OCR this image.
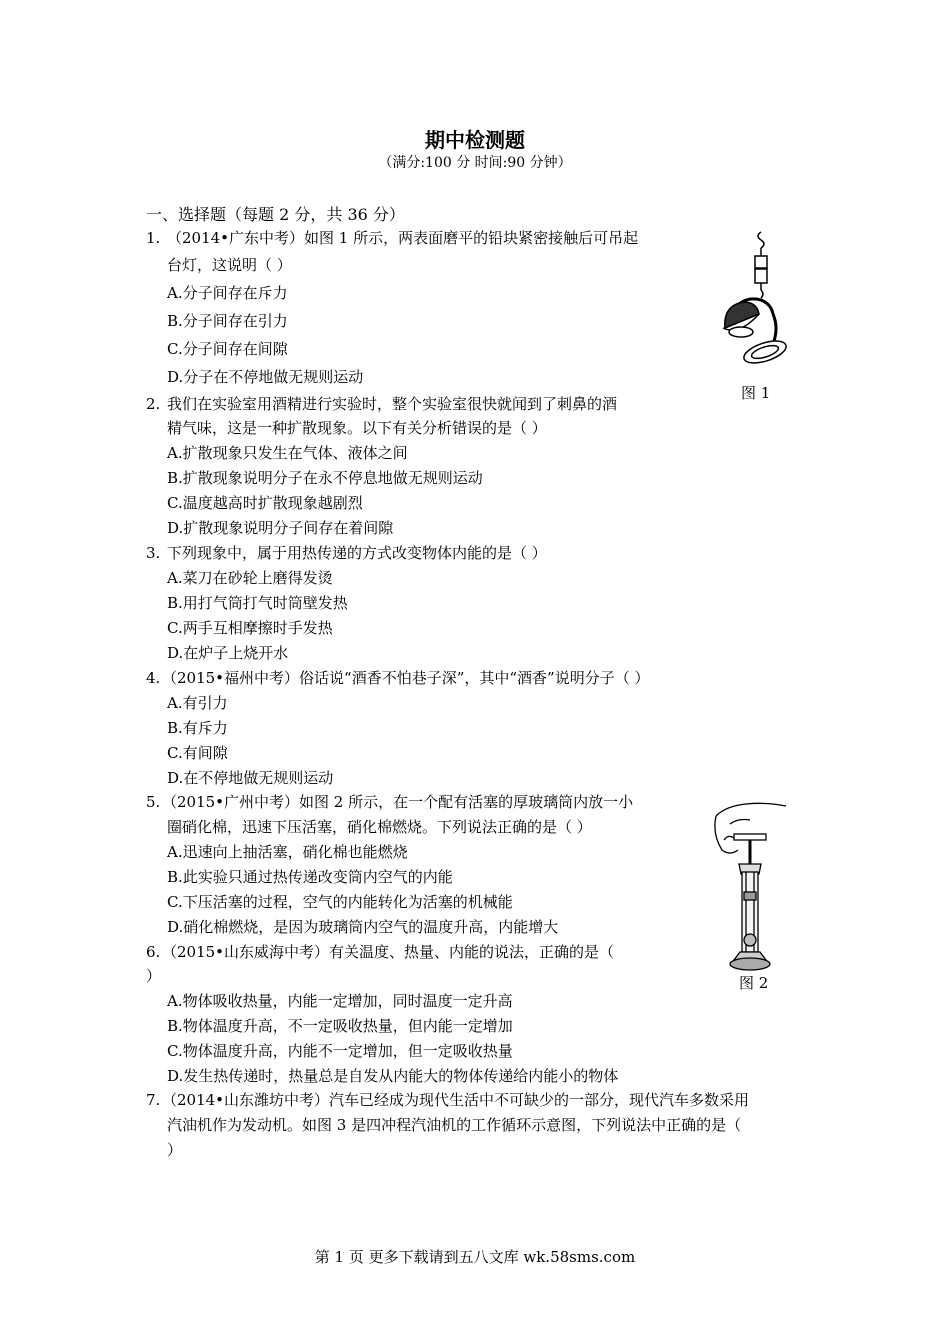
期中检测题
（满分:100 分 时间:90 分钟）
一、选择题（每题 2 分，共 36 分）
1. （2014•广东中考）如图 1 所示，两表面磨平的铅块紧密接触后可吊起
台灯，这说明（ ）
A.分子间存在斥力
B.分子间存在引力
C.分子间存在间隙
D.分子在不停地做无规则运动
2. 我们在实验室用酒精进行实验时，整个实验室很快就闻到了刺鼻的酒
精气味，这是一种扩散现象。以下有关分析错误的是（ ）
A.扩散现象只发生在气体、液体之间
B.扩散现象说明分子在永不停息地做无规则运动
C.温度越高时扩散现象越剧烈
D.扩散现象说明分子间存在着间隙
3. 下列现象中，属于用热传递的方式改变物体内能的是（ ）
A.菜刀在砂轮上磨得发烫
B.用打气筒打气时筒壁发热
C.两手互相摩擦时手发热
D.在炉子上烧开水
4. （2015•福州中考）俗话说“酒香不怕巷子深”，其中“酒香”说明分子（ ）
A.有引力
B.有斥力
C.有间隙
D.在不停地做无规则运动
5. （2015•广州中考）如图 2 所示，在一个配有活塞的厚玻璃筒内放一小
圈硝化棉，迅速下压活塞，硝化棉燃烧。下列说法正确的是（ ）
A.迅速向上抽活塞，硝化棉也能燃烧
B.此实验只通过热传递改变筒内空气的内能
C.下压活塞的过程，空气的内能转化为活塞的机械能
D.硝化棉燃烧，是因为玻璃筒内空气的温度升高，内能增大
6. （2015•山东威海中考）有关温度、热量、内能的说法，正确的是（
）
A.物体吸收热量，内能一定增加，同时温度一定升高
B.物体温度升高，不一定吸收热量，但内能一定增加
C.物体温度升高，内能不一定增加，但一定吸收热量
D.发生热传递时，热量总是自发从内能大的物体传递给内能小的物体
7. （2014•山东潍坊中考）汽车已经成为现代生活中不可缺少的一部分，现代汽车多数采用
汽油机作为发动机。如图 3 是四冲程汽油机的工作循环示意图，下列说法中正确的是（
）
图 1
图 2
第 1 页 更多下载请到五八文库 wk.58sms.com
